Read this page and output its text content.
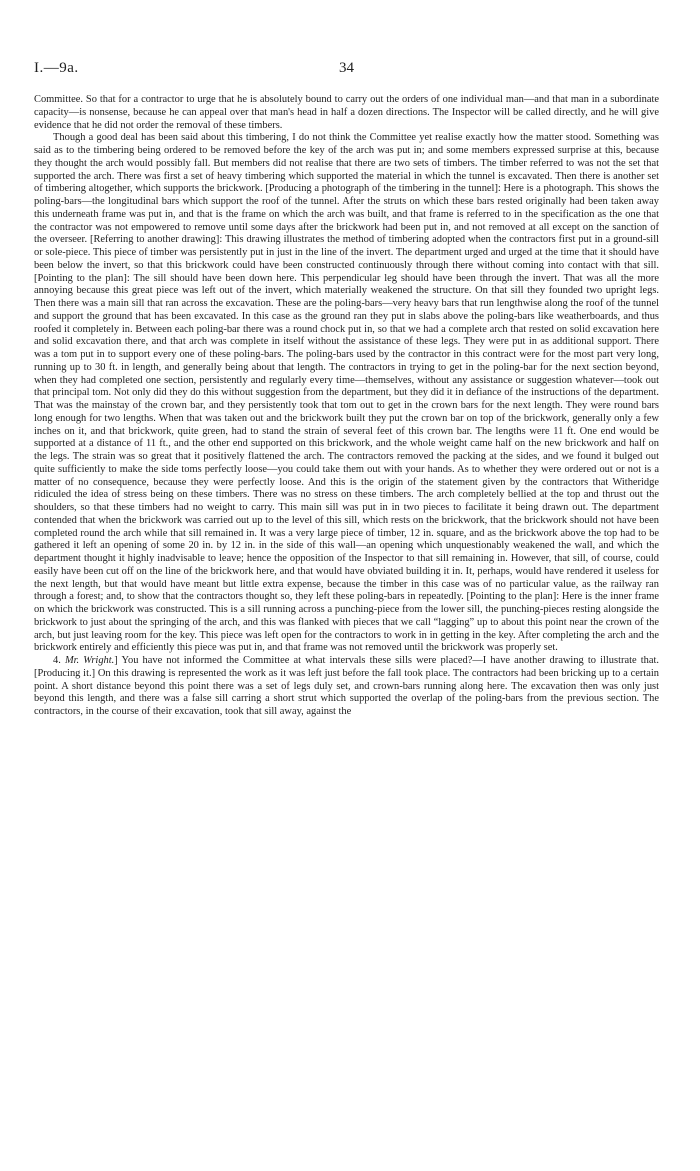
I.—9a.	34

Committee. So that for a contractor to urge that he is absolutely bound to carry out the orders of one individual man—and that man in a subordinate capacity—is nonsense, because he can appeal over that man's head in half a dozen directions. The Inspector will be called directly, and he will give evidence that he did not order the removal of these timbers.

Though a good deal has been said about this timbering, I do not think the Committee yet realise exactly how the matter stood. Something was said as to the timbering being ordered to be removed before the key of the arch was put in; and some members expressed surprise at this, because they thought the arch would possibly fall. But members did not realise that there are two sets of timbers. The timber referred to was not the set that supported the arch. There was first a set of heavy timbering which supported the material in which the tunnel is excavated. Then there is another set of timbering altogether, which supports the brickwork. [Producing a photograph of the timbering in the tunnel]: Here is a photograph. This shows the poling-bars—the longitudinal bars which support the roof of the tunnel. After the struts on which these bars rested originally had been taken away this underneath frame was put in, and that is the frame on which the arch was built, and that frame is referred to in the specification as the one that the contractor was not empowered to remove until some days after the brickwork had been put in, and not removed at all except on the sanction of the overseer. [Referring to another drawing]: This drawing illustrates the method of timbering adopted when the contractors first put in a ground-sill or sole-piece. This piece of timber was persistently put in just in the line of the invert. The department urged and urged at the time that it should have been below the invert, so that this brickwork could have been constructed continuously through there without coming into contact with that sill. [Pointing to the plan]: The sill should have been down here. This perpendicular leg should have been through the invert. That was all the more annoying because this great piece was left out of the invert, which materially weakened the structure. On that sill they founded two upright legs. Then there was a main sill that ran across the excavation. These are the poling-bars—very heavy bars that run lengthwise along the roof of the tunnel and support the ground that has been excavated. In this case as the ground ran they put in slabs above the poling-bars like weatherboards, and thus roofed it completely in. Between each poling-bar there was a round chock put in, so that we had a complete arch that rested on solid excavation here and solid excavation there, and that arch was complete in itself without the assistance of these legs. They were put in as additional support. There was a tom put in to support every one of these poling-bars. The poling-bars used by the contractor in this contract were for the most part very long, running up to 30 ft. in length, and generally being about that length. The contractors in trying to get in the poling-bar for the next section beyond, when they had completed one section, persistently and regularly every time—themselves, without any assistance or suggestion whatever—took out that principal tom. Not only did they do this without suggestion from the department, but they did it in defiance of the instructions of the department. That was the mainstay of the crown bar, and they persistently took that tom out to get in the crown bars for the next length. They were round bars long enough for two lengths. When that was taken out and the brickwork built they put the crown bar on top of the brickwork, generally only a few inches on it, and that brickwork, quite green, had to stand the strain of several feet of this crown bar. The lengths were 11 ft. One end would be supported at a distance of 11 ft., and the other end supported on this brickwork, and the whole weight came half on the new brickwork and half on the legs. The strain was so great that it positively flattened the arch. The contractors removed the packing at the sides, and we found it bulged out quite sufficiently to make the side toms perfectly loose—you could take them out with your hands. As to whether they were ordered out or not is a matter of no consequence, because they were perfectly loose. And this is the origin of the statement given by the contractors that Witheridge ridiculed the idea of stress being on these timbers. There was no stress on these timbers. The arch completely bellied at the top and thrust out the shoulders, so that these timbers had no weight to carry. This main sill was put in in two pieces to facilitate it being drawn out. The department contended that when the brickwork was carried out up to the level of this sill, which rests on the brickwork, that the brickwork should not have been completed round the arch while that sill remained in. It was a very large piece of timber, 12 in. square, and as the brickwork above the top had to be gathered it left an opening of some 20 in. by 12 in. in the side of this wall—an opening which unquestionably weakened the wall, and which the department thought it highly inadvisable to leave; hence the opposition of the Inspector to that sill remaining in. However, that sill, of course, could easily have been cut off on the line of the brickwork here, and that would have obviated building it in. It, perhaps, would have rendered it useless for the next length, but that would have meant but little extra expense, because the timber in this case was of no particular value, as the railway ran through a forest; and, to show that the contractors thought so, they left these poling-bars in repeatedly. [Pointing to the plan]: Here is the inner frame on which the brickwork was constructed. This is a sill running across a punching-piece from the lower sill, the punching-pieces resting alongside the brickwork to just about the springing of the arch, and this was flanked with pieces that we call “lagging” up to about this point near the crown of the arch, but just leaving room for the key. This piece was left open for the contractors to work in in getting in the key. After completing the arch and the brickwork entirely and efficiently this piece was put in, and that frame was not removed until the brickwork was properly set.

4. Mr. Wright.] You have not informed the Committee at what intervals these sills were placed?—I have another drawing to illustrate that. [Producing it.] On this drawing is represented the work as it was left just before the fall took place. The contractors had been bricking up to a certain point. A short distance beyond this point there was a set of legs duly set, and crown-bars running along here. The excavation then was only just beyond this length, and there was a false sill carring a short strut which supported the overlap of the poling-bars from the previous section. The contractors, in the course of their excavation, took that sill away, against the
